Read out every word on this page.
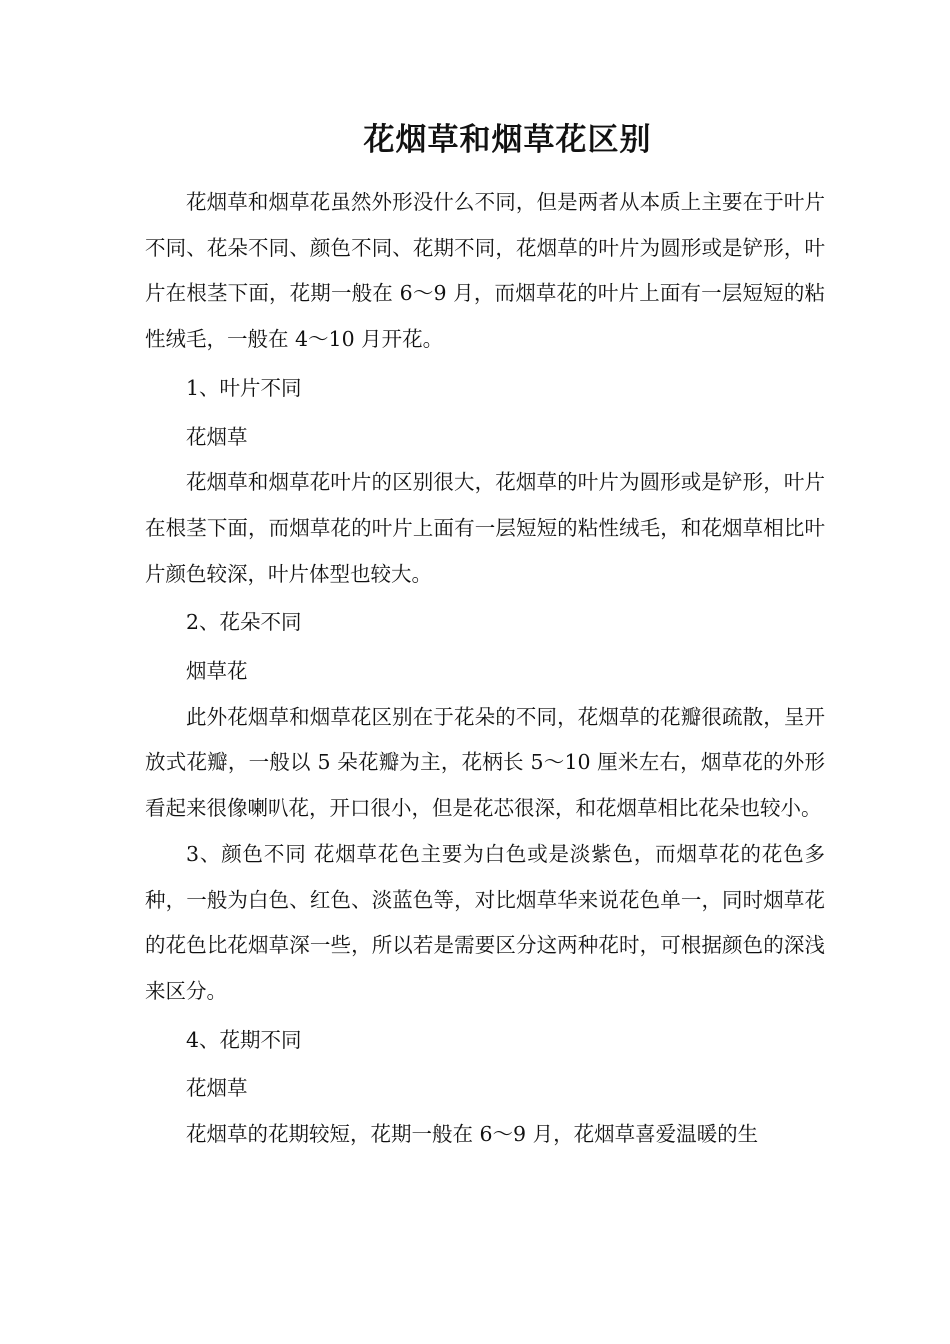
花烟草和烟草花区别

花烟草和烟草花虽然外形没什么不同，但是两者从本质上主要在于叶片不同、花朵不同、颜色不同、花期不同，花烟草的叶片为圆形或是铲形，叶片在根茎下面，花期一般在 6～9 月，而烟草花的叶片上面有一层短短的粘性绒毛，一般在 4～10 月开花。

1、叶片不同

花烟草

花烟草和烟草花叶片的区别很大，花烟草的叶片为圆形或是铲形，叶片在根茎下面，而烟草花的叶片上面有一层短短的粘性绒毛，和花烟草相比叶片颜色较深，叶片体型也较大。

2、花朵不同

烟草花

此外花烟草和烟草花区别在于花朵的不同，花烟草的花瓣很疏散，呈开放式花瓣，一般以 5 朵花瓣为主，花柄长 5～10 厘米左右，烟草花的外形看起来很像喇叭花，开口很小，但是花芯很深，和花烟草相比花朵也较小。

3、颜色不同 花烟草花色主要为白色或是淡紫色，而烟草花的花色多种，一般为白色、红色、淡蓝色等，对比烟草华来说花色单一，同时烟草花的花色比花烟草深一些，所以若是需要区分这两种花时，可根据颜色的深浅来区分。

4、花期不同

花烟草

花烟草的花期较短，花期一般在 6～9 月，花烟草喜爱温暖的生
